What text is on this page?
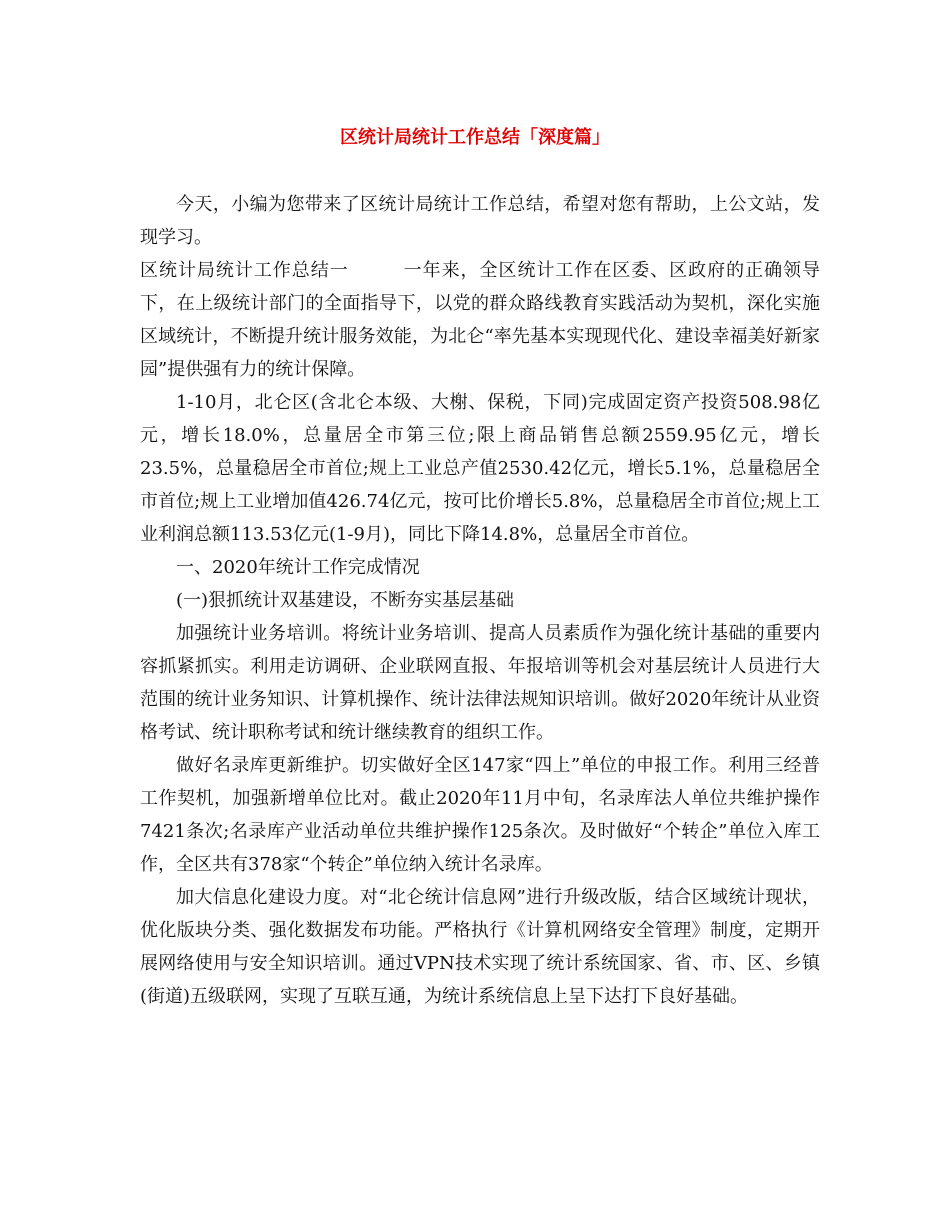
区统计局统计工作总结「深度篇」

今天，小编为您带来了区统计局统计工作总结，希望对您有帮助，上公文站，发现学习。

区统计局统计工作总结一	一年来，全区统计工作在区委、区政府的正确领导下，在上级统计部门的全面指导下，以党的群众路线教育实践活动为契机，深化实施区域统计，不断提升统计服务效能，为北仑“率先基本实现现代化、建设幸福美好新家园”提供强有力的统计保障。

1-10月，北仑区(含北仑本级、大榭、保税，下同)完成固定资产投资508.98亿元，增长18.0%，总量居全市第三位;限上商品销售总额2559.95亿元，增长23.5%，总量稳居全市首位;规上工业总产值2530.42亿元，增长5.1%，总量稳居全市首位;规上工业增加值426.74亿元，按可比价增长5.8%，总量稳居全市首位;规上工业利润总额113.53亿元(1-9月)，同比下降14.8%，总量居全市首位。

一、2020年统计工作完成情况

(一)狠抓统计双基建设，不断夯实基层基础

加强统计业务培训。将统计业务培训、提高人员素质作为强化统计基础的重要内容抓紧抓实。利用走访调研、企业联网直报、年报培训等机会对基层统计人员进行大范围的统计业务知识、计算机操作、统计法律法规知识培训。做好2020年统计从业资格考试、统计职称考试和统计继续教育的组织工作。

做好名录库更新维护。切实做好全区147家“四上”单位的申报工作。利用三经普工作契机，加强新增单位比对。截止2020年11月中旬，名录库法人单位共维护操作7421条次;名录库产业活动单位共维护操作125条次。及时做好“个转企”单位入库工作，全区共有378家“个转企”单位纳入统计名录库。

加大信息化建设力度。对“北仑统计信息网”进行升级改版，结合区域统计现状，优化版块分类、强化数据发布功能。严格执行《计算机网络安全管理》制度，定期开展网络使用与安全知识培训。通过VPN技术实现了统计系统国家、省、市、区、乡镇(街道)五级联网，实现了互联互通，为统计系统信息上呈下达打下良好基础。
